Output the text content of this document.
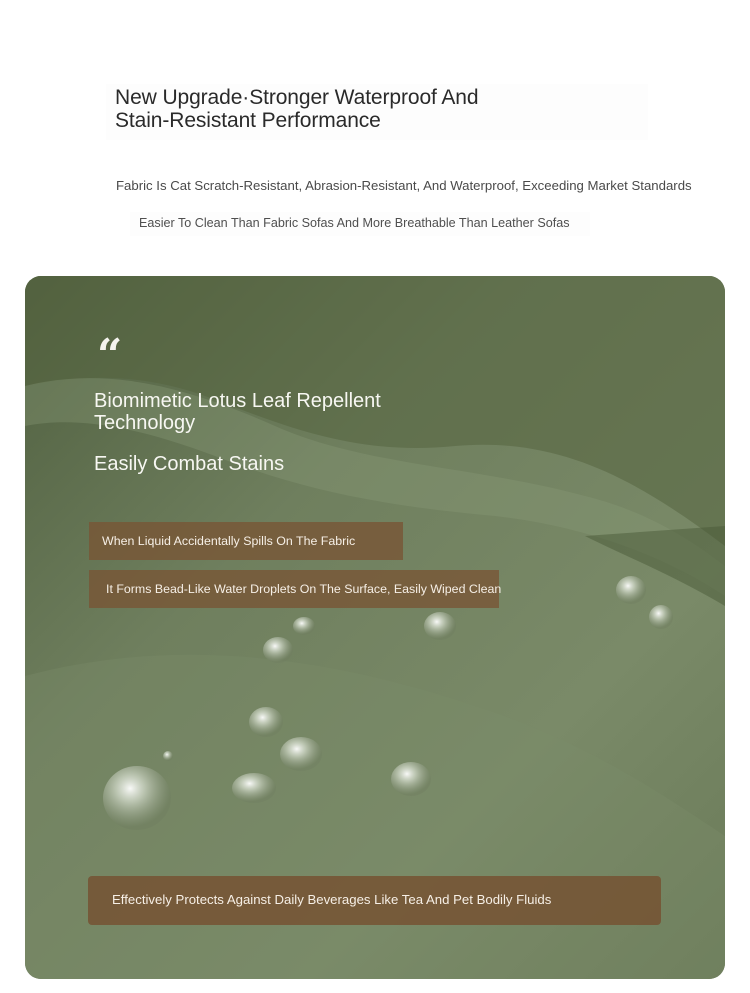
New Upgrade·Stronger Waterproof And
Stain-Resistant Performance
Fabric Is Cat Scratch-Resistant, Abrasion-Resistant, And Waterproof, Exceeding Market Standards
Easier To Clean Than Fabric Sofas And More Breathable Than Leather Sofas
“
Biomimetic Lotus Leaf Repellent
Technology
Easily Combat Stains
When Liquid Accidentally Spills On The Fabric
It Forms Bead-Like Water Droplets On The Surface, Easily Wiped Clean
Effectively Protects Against Daily Beverages Like Tea And Pet Bodily Fluids
